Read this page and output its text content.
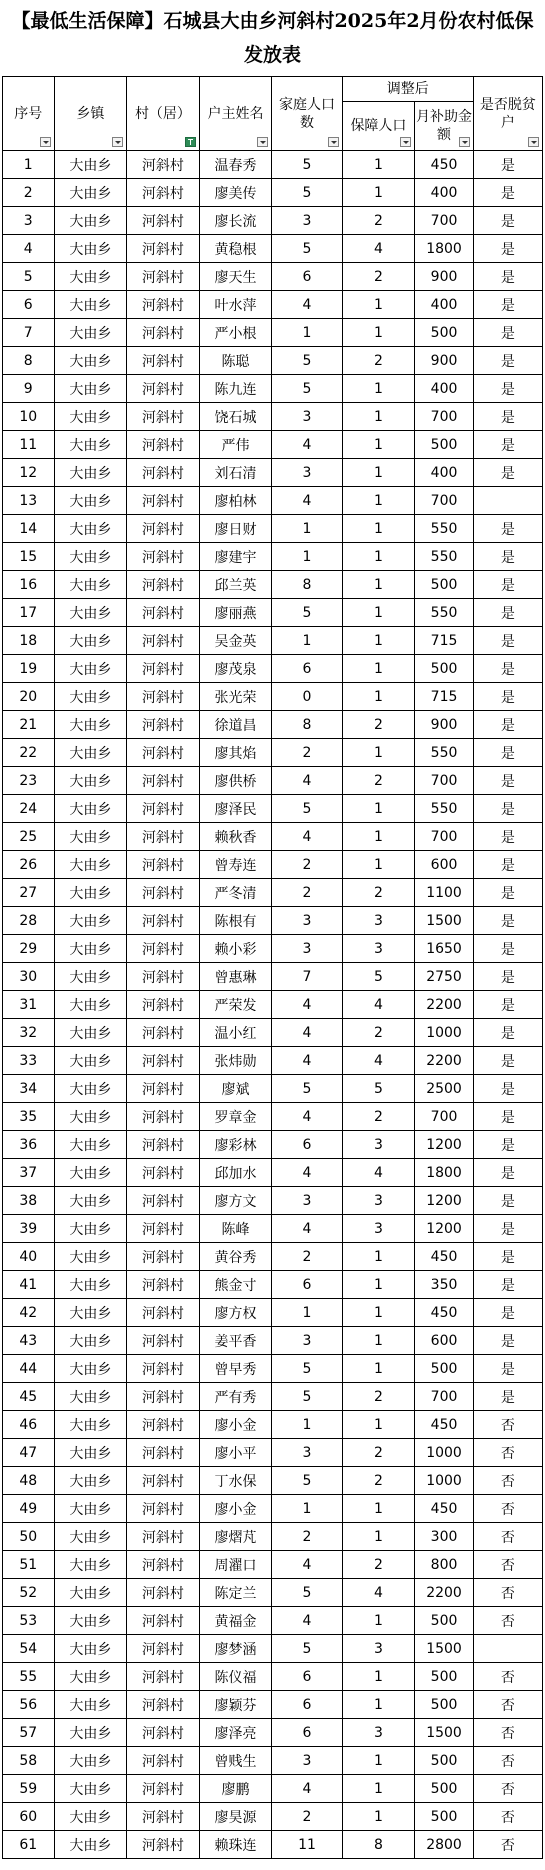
【最低生活保障】石城县大由乡河斜村2025年2月份农村低保发放表
序号	乡镇	村（居）	户主姓名	家庭人口数	调整后		是否脱贫户

					保障人口	月补助金额	

1	大由乡	河斜村	温春秀	5	1	450	是
2	大由乡	河斜村	廖美传	5	1	400	是
3	大由乡	河斜村	廖长流	3	2	700	是
4	大由乡	河斜村	黄稳根	5	4	1800	是
5	大由乡	河斜村	廖天生	6	2	900	是
6	大由乡	河斜村	叶水萍	4	1	400	是
7	大由乡	河斜村	严小根	1	1	500	是
8	大由乡	河斜村	陈聪	5	2	900	是
9	大由乡	河斜村	陈九连	5	1	400	是
10	大由乡	河斜村	饶石城	3	1	700	是
11	大由乡	河斜村	严伟	4	1	500	是
12	大由乡	河斜村	刘石清	3	1	400	是
13	大由乡	河斜村	廖柏林	4	1	700	
14	大由乡	河斜村	廖日财	1	1	550	是
15	大由乡	河斜村	廖建宇	1	1	550	是
16	大由乡	河斜村	邱兰英	8	1	500	是
17	大由乡	河斜村	廖丽燕	5	1	550	是
18	大由乡	河斜村	吴金英	1	1	715	是
19	大由乡	河斜村	廖茂泉	6	1	500	是
20	大由乡	河斜村	张光荣	0	1	715	是
21	大由乡	河斜村	徐道昌	8	2	900	是
22	大由乡	河斜村	廖其焰	2	1	550	是
23	大由乡	河斜村	廖供桥	4	2	700	是
24	大由乡	河斜村	廖泽民	5	1	550	是
25	大由乡	河斜村	赖秋香	4	1	700	是
26	大由乡	河斜村	曾寿连	2	1	600	是
27	大由乡	河斜村	严冬清	2	2	1100	是
28	大由乡	河斜村	陈根有	3	3	1500	是
29	大由乡	河斜村	赖小彩	3	3	1650	是
30	大由乡	河斜村	曾惠琳	7	5	2750	是
31	大由乡	河斜村	严荣发	4	4	2200	是
32	大由乡	河斜村	温小红	4	2	1000	是
33	大由乡	河斜村	张炜勋	4	4	2200	是
34	大由乡	河斜村	廖斌	5	5	2500	是
35	大由乡	河斜村	罗章金	4	2	700	是
36	大由乡	河斜村	廖彩林	6	3	1200	是
37	大由乡	河斜村	邱加水	4	4	1800	是
38	大由乡	河斜村	廖方文	3	3	1200	是
39	大由乡	河斜村	陈峰	4	3	1200	是
40	大由乡	河斜村	黄谷秀	2	1	450	是
41	大由乡	河斜村	熊金寸	6	1	350	是
42	大由乡	河斜村	廖方权	1	1	450	是
43	大由乡	河斜村	姜平香	3	1	600	是
44	大由乡	河斜村	曾早秀	5	1	500	是
45	大由乡	河斜村	严有秀	5	2	700	是
46	大由乡	河斜村	廖小金	1	1	450	否
47	大由乡	河斜村	廖小平	3	2	1000	否
48	大由乡	河斜村	丁水保	5	2	1000	否
49	大由乡	河斜村	廖小金	1	1	450	否
50	大由乡	河斜村	廖熠芃	2	1	300	否
51	大由乡	河斜村	周濯口	4	2	800	否
52	大由乡	河斜村	陈定兰	5	4	2200	否
53	大由乡	河斜村	黄福金	4	1	500	否
54	大由乡	河斜村	廖梦涵	5	3	1500	
55	大由乡	河斜村	陈仪福	6	1	500	否
56	大由乡	河斜村	廖颖芬	6	1	500	否
57	大由乡	河斜村	廖泽亮	6	3	1500	否
58	大由乡	河斜村	曾贱生	3	1	500	否
59	大由乡	河斜村	廖鹏	4	1	500	否
60	大由乡	河斜村	廖昊源	2	1	500	否
61	大由乡	河斜村	赖珠连	11	8	2800	否
